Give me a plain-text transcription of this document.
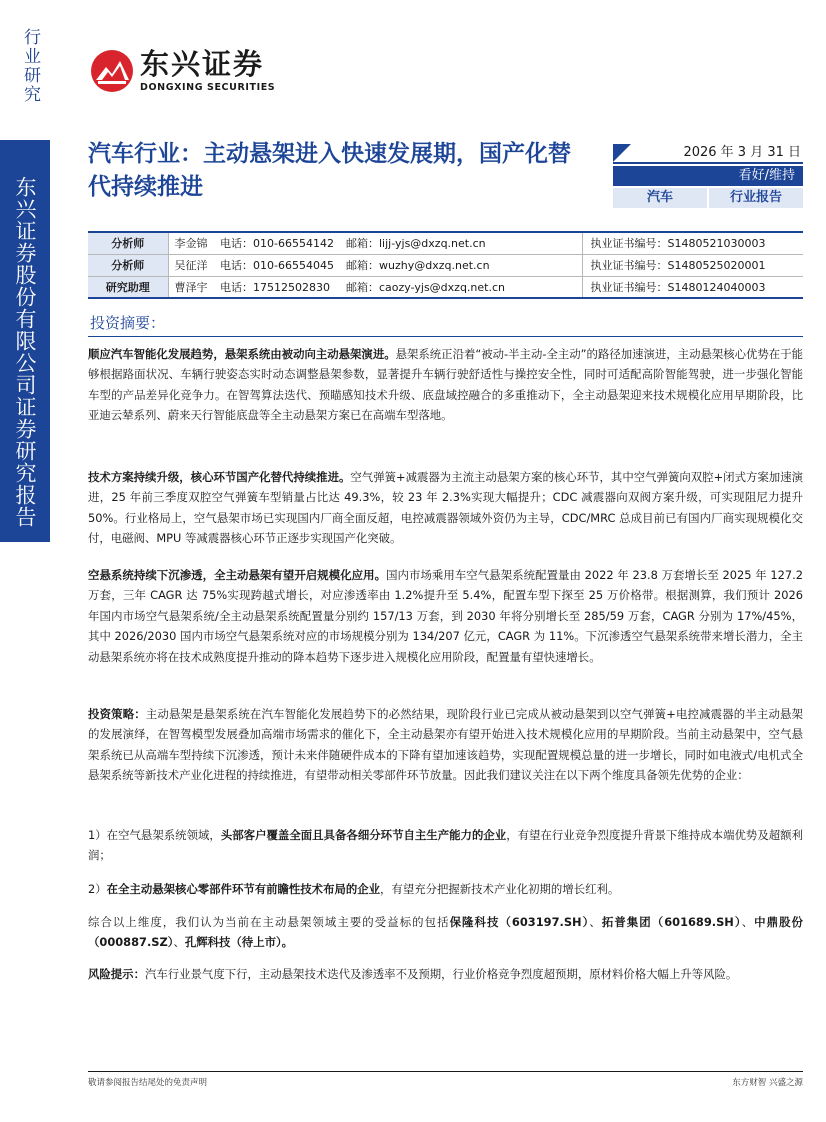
行业研究
东兴证券股份有限公司证券研究报告
东兴证券
DONGXING SECURITIES
汽车行业：主动悬架进入快速发展期，国产化替代持续推进
2026 年 3 月 31 日
看好/维持
汽车	行业报告
分析师	李金锦	电话：010-66554142	邮箱：lijj-yjs@dxzq.net.cn	执业证书编号：S1480521030003
分析师	吴征洋	电话：010-66554045	邮箱：wuzhy@dxzq.net.cn	执业证书编号：S1480525020001
研究助理	曹泽宇	电话：17512502830	邮箱：caozy-yjs@dxzq.net.cn	执业证书编号：S1480124040003
投资摘要：
顺应汽车智能化发展趋势，悬架系统由被动向主动悬架演进。悬架系统正沿着“被动-半主动-全主动”的路径加速演进，主动悬架核心优势在于能够根据路面状况、车辆行驶姿态实时动态调整悬架参数，显著提升车辆行驶舒适性与操控安全性，同时可适配高阶智能驾驶，进一步强化智能车型的产品差异化竞争力。在智驾算法迭代、预瞄感知技术升级、底盘域控融合的多重推动下，全主动悬架迎来技术规模化应用早期阶段，比亚迪云辇系列、蔚来天行智能底盘等全主动悬架方案已在高端车型落地。
技术方案持续升级，核心环节国产化替代持续推进。空气弹簧+减震器为主流主动悬架方案的核心环节，其中空气弹簧向双腔+闭式方案加速演进，25 年前三季度双腔空气弹簧车型销量占比达 49.3%，较 23 年 2.3%实现大幅提升；CDC 减震器向双阀方案升级，可实现阻尼力提升 50%。行业格局上，空气悬架市场已实现国内厂商全面反超，电控减震器领域外资仍为主导，CDC/MRC 总成目前已有国内厂商实现规模化交付，电磁阀、MPU 等减震器核心环节正逐步实现国产化突破。
空悬系统持续下沉渗透，全主动悬架有望开启规模化应用。国内市场乘用车空气悬架系统配置量由 2022 年 23.8 万套增长至 2025 年 127.2 万套，三年 CAGR 达 75%实现跨越式增长，对应渗透率由 1.2%提升至 5.4%，配置车型下探至 25 万价格带。根据测算，我们预计 2026 年国内市场空气悬架系统/全主动悬架系统配置量分别约 157/13 万套，到 2030 年将分别增长至 285/59 万套，CAGR 分别为 17%/45%，其中 2026/2030 国内市场空气悬架系统对应的市场规模分别为 134/207 亿元，CAGR 为 11%。下沉渗透空气悬架系统带来增长潜力，全主动悬架系统亦将在技术成熟度提升推动的降本趋势下逐步进入规模化应用阶段，配置量有望快速增长。
投资策略：主动悬架是悬架系统在汽车智能化发展趋势下的必然结果，现阶段行业已完成从被动悬架到以空气弹簧+电控减震器的半主动悬架的发展演绎，在智驾模型发展叠加高端市场需求的催化下，全主动悬架亦有望开始进入技术规模化应用的早期阶段。当前主动悬架中，空气悬架系统已从高端车型持续下沉渗透，预计未来伴随硬件成本的下降有望加速该趋势，实现配置规模总量的进一步增长，同时如电液式/电机式全悬架系统等新技术产业化进程的持续推进，有望带动相关零部件环节放量。因此我们建议关注在以下两个维度具备领先优势的企业：
1）在空气悬架系统领域，头部客户覆盖全面且具备各细分环节自主生产能力的企业，有望在行业竞争烈度提升背景下维持成本端优势及超额利润；
2）在全主动悬架核心零部件环节有前瞻性技术布局的企业，有望充分把握新技术产业化初期的增长红利。
综合以上维度，我们认为当前在主动悬架领域主要的受益标的包括保隆科技（603197.SH）、拓普集团（601689.SH）、中鼎股份（000887.SZ）、孔辉科技（待上市）。
风险提示：汽车行业景气度下行，主动悬架技术迭代及渗透率不及预期，行业价格竞争烈度超预期，原材料价格大幅上升等风险。
敬请参阅报告结尾处的免责声明	东方财智 兴盛之源
